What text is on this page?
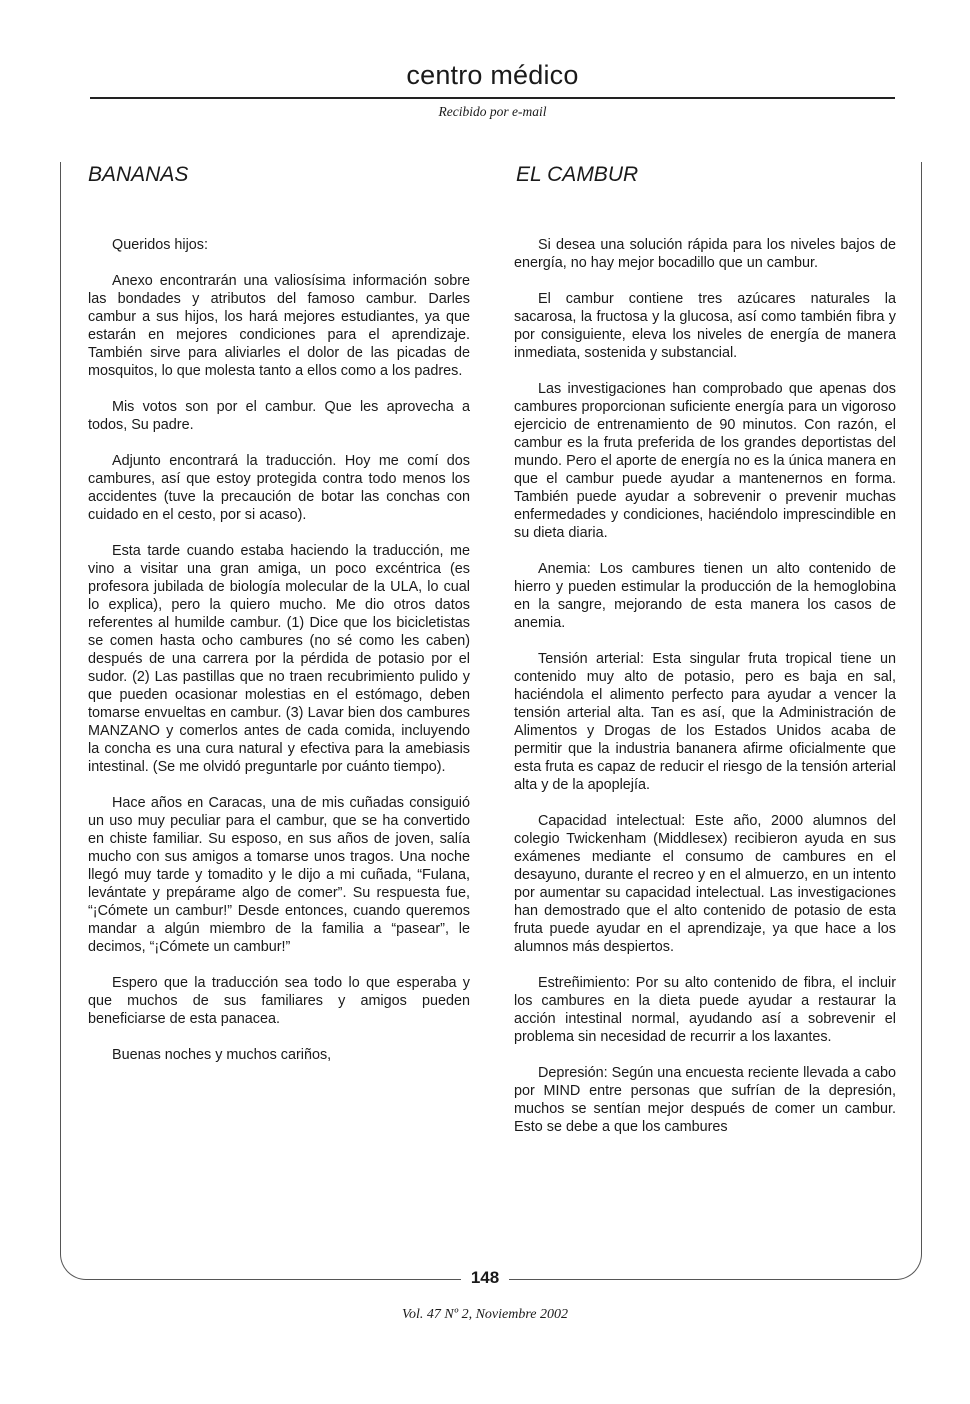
centro médico
Recibido por e-mail
BANANAS

Queridos hijos:

Anexo encontrarán una valiosísima información sobre las bondades y atributos del famoso cambur. Darles cambur a sus hijos, los hará mejores estudiantes, ya que estarán en mejores condiciones para el aprendizaje. También sirve para aliviarles el dolor de las picadas de mosquitos, lo que molesta tanto a ellos como a los padres.

Mis votos son por el cambur. Que les aprovecha a todos, Su padre.

Adjunto encontrará la traducción. Hoy me comí dos cambures, así que estoy protegida contra todo menos los accidentes (tuve la precaución de botar las conchas con cuidado en el cesto, por si acaso).

Esta tarde cuando estaba haciendo la traducción, me vino a visitar una gran amiga, un poco excéntrica (es profesora jubilada de biología molecular de la ULA, lo cual lo explica), pero la quiero mucho. Me dio otros datos referentes al humilde cambur. (1) Dice que los bicicletistas se comen hasta ocho cambures (no sé como les caben) después de una carrera por la pérdida de potasio por el sudor. (2) Las pastillas que no traen recubrimiento pulido y que pueden ocasionar molestias en el estómago, deben tomarse envueltas en cambur. (3) Lavar bien dos cambures MANZANO y comerlos antes de cada comida, incluyendo la concha es una cura natural y efectiva para la amebiasis intestinal. (Se me olvidó preguntarle por cuánto tiempo).

Hace años en Caracas, una de mis cuñadas consiguió un uso muy peculiar para el cambur, que se ha convertido en chiste familiar. Su esposo, en sus años de joven, salía mucho con sus amigos a tomarse unos tragos. Una noche llegó muy tarde y tomadito y le dijo a mi cuñada, “Fulana, levántate y prepárame algo de comer”. Su respuesta fue, “¡Cómete un cambur!” Desde entonces, cuando queremos mandar a algún miembro de la familia a “pasear”, le decimos, “¡Cómete un cambur!”

Espero que la traducción sea todo lo que esperaba y que muchos de sus familiares y amigos pueden beneficiarse de esta panacea.

Buenas noches y muchos cariños,

EL CAMBUR

Si desea una solución rápida para los niveles bajos de energía, no hay mejor bocadillo que un cambur.

El cambur contiene tres azúcares naturales la sacarosa, la fructosa y la glucosa, así como también fibra y por consiguiente, eleva los niveles de energía de manera inmediata, sostenida y substancial.

Las investigaciones han comprobado que apenas dos cambures proporcionan suficiente energía para un vigoroso ejercicio de entrenamiento de 90 minutos. Con razón, el cambur es la fruta preferida de los grandes deportistas del mundo. Pero el aporte de energía no es la única manera en que el cambur puede ayudar a mantenernos en forma. También puede ayudar a sobrevenir o prevenir muchas enfermedades y condiciones, haciéndolo imprescindible en su dieta diaria.

Anemia: Los cambures tienen un alto contenido de hierro y pueden estimular la producción de la hemoglobina en la sangre, mejorando de esta manera los casos de anemia.

Tensión arterial: Esta singular fruta tropical tiene un contenido muy alto de potasio, pero es baja en sal, haciéndola el alimento perfecto para ayudar a vencer la tensión arterial alta. Tan es así, que la Administración de Alimentos y Drogas de los Estados Unidos acaba de permitir que la industria bananera afirme oficialmente que esta fruta es capaz de reducir el riesgo de la tensión arterial alta y de la apoplejía.

Capacidad intelectual: Este año, 2000 alumnos del colegio Twickenham (Middlesex) recibieron ayuda en sus exámenes mediante el consumo de cambures en el desayuno, durante el recreo y en el almuerzo, en un intento por aumentar su capacidad intelectual. Las investigaciones han demostrado que el alto contenido de potasio de esta fruta puede ayudar en el aprendizaje, ya que hace a los alumnos más despiertos.

Estreñimiento: Por su alto contenido de fibra, el incluir los cambures en la dieta puede ayudar a restaurar la acción intestinal normal, ayudando así a sobrevenir el problema sin necesidad de recurrir a los laxantes.

Depresión: Según una encuesta reciente llevada a cabo por MIND entre personas que sufrían de la depresión, muchos se sentían mejor después de comer un cambur. Esto se debe a que los cambures

148
Vol. 47 Nº 2, Noviembre 2002
